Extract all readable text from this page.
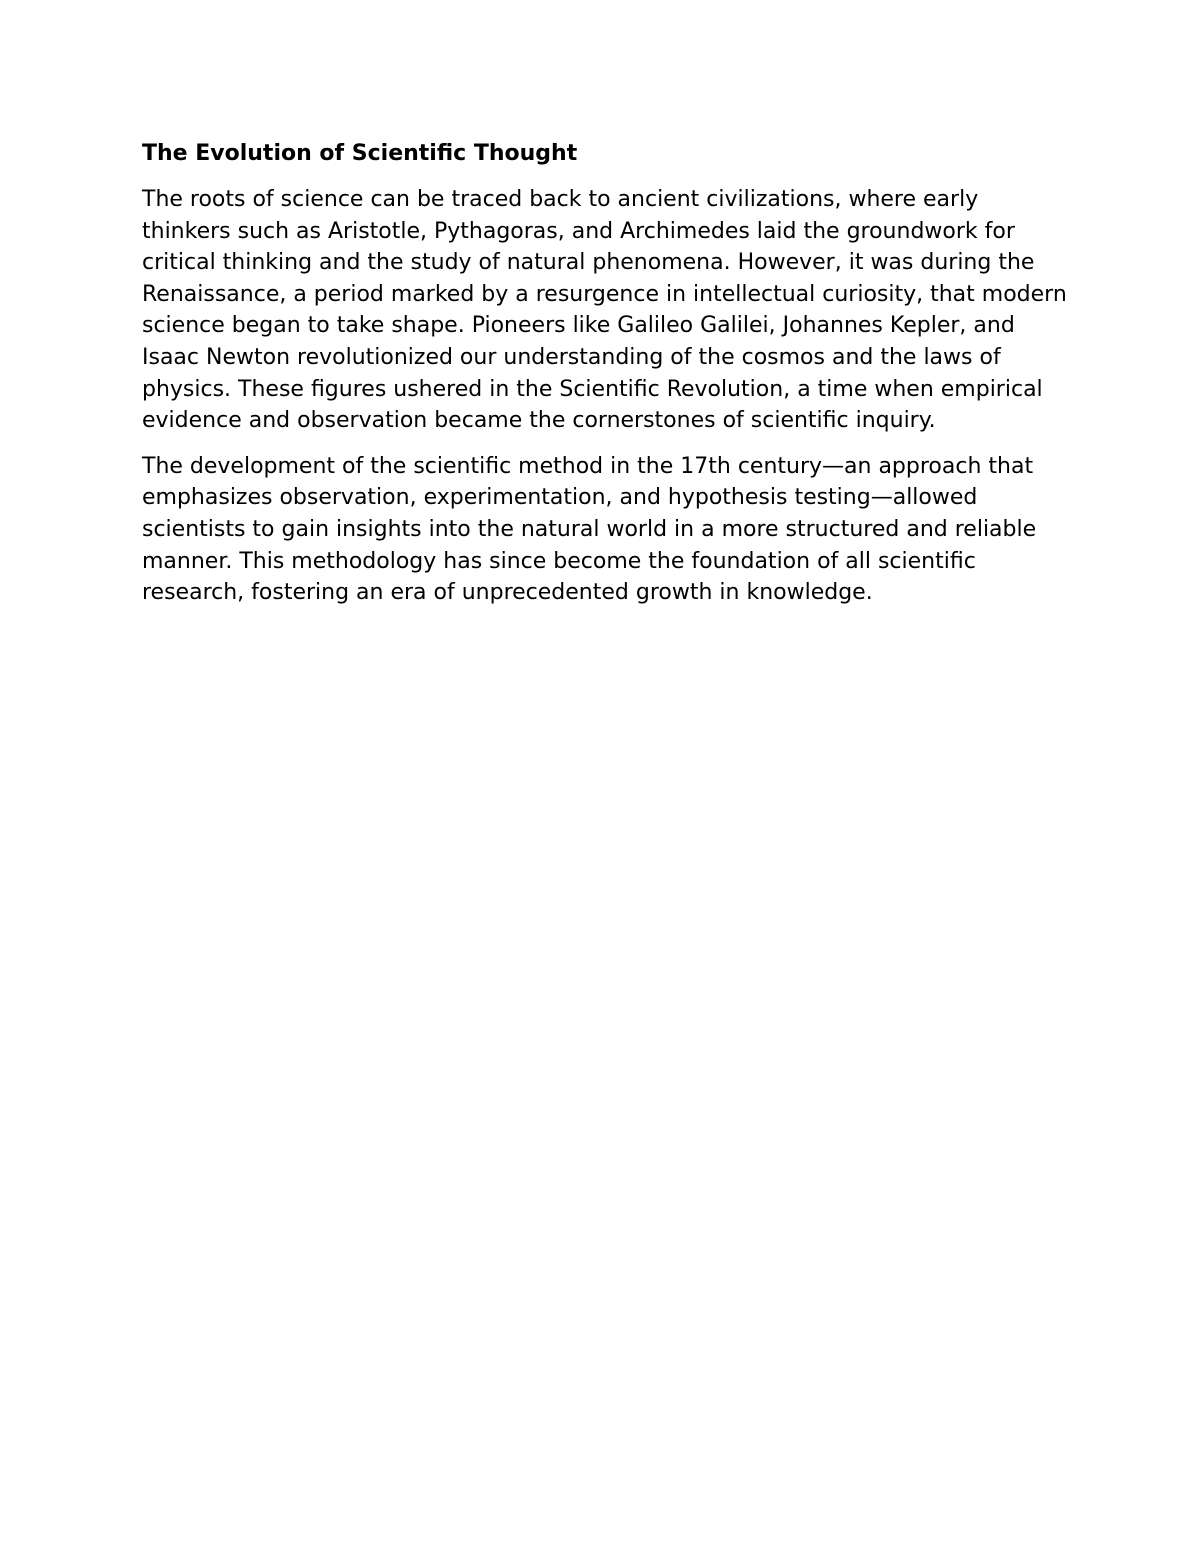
The Evolution of Scientific Thought

The roots of science can be traced back to ancient civilizations, where early thinkers such as Aristotle, Pythagoras, and Archimedes laid the groundwork for critical thinking and the study of natural phenomena. However, it was during the Renaissance, a period marked by a resurgence in intellectual curiosity, that modern science began to take shape. Pioneers like Galileo Galilei, Johannes Kepler, and Isaac Newton revolutionized our understanding of the cosmos and the laws of physics. These figures ushered in the Scientific Revolution, a time when empirical evidence and observation became the cornerstones of scientific inquiry.

The development of the scientific method in the 17th century—an approach that emphasizes observation, experimentation, and hypothesis testing—allowed scientists to gain insights into the natural world in a more structured and reliable manner. This methodology has since become the foundation of all scientific research, fostering an era of unprecedented growth in knowledge.
